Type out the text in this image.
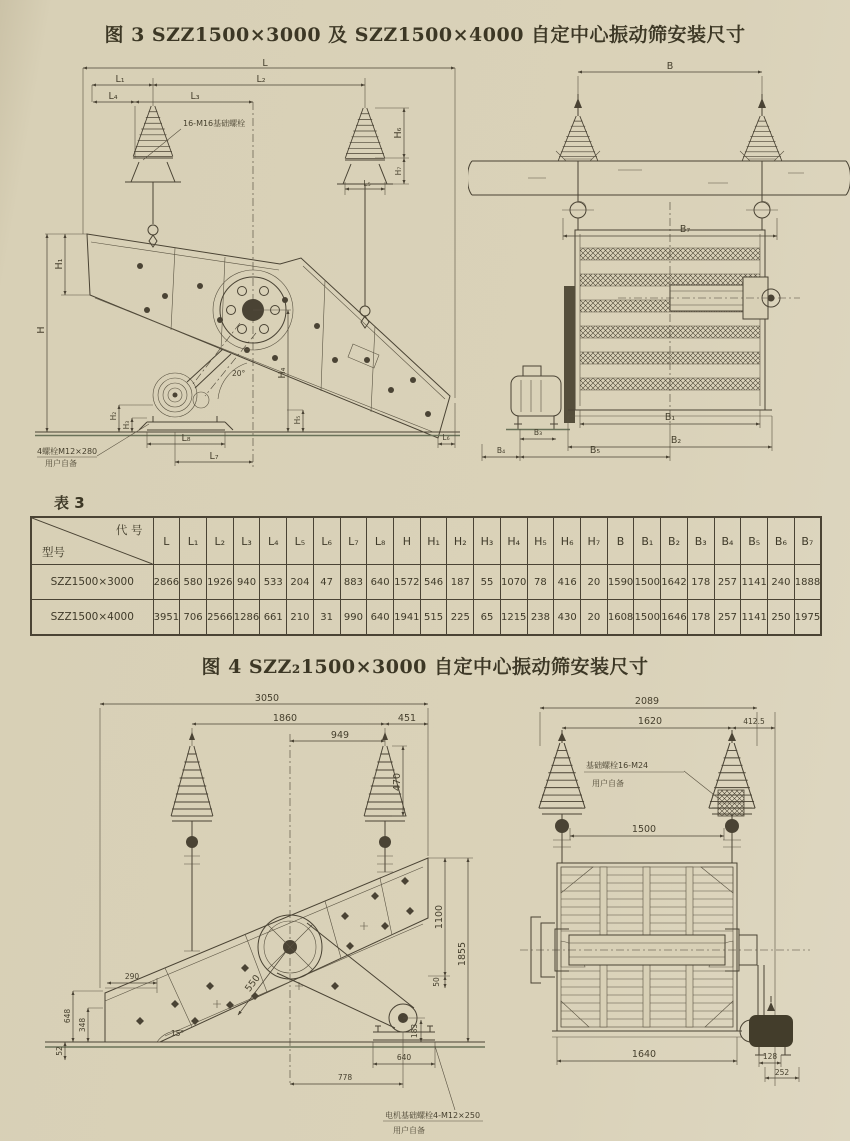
图 3 SZZ1500×3000 及 SZZ1500×4000 自定中心振动筛安装尺寸
L
L₁	L₂
L₄	L₃
H₆
H₇
L₅
16-M16基础螺栓
H₁
H
H₂
H₃
H₄
H₅
20°
L₈
L₇
L₆
4螺栓M12×280
用户自备
B
B₇
B₁
B₂
B₃
B₄	B₅
表 3
代 号
型号	L	L₁	L₂	L₃	L₄	L₅	L₆	L₇	L₈	H	H₁	H₂	H₃	H₄	H₅	H₆	H₇	B	B₁	B₂	B₃	B₄	B₅	B₆	B₇
SZZ1500×3000	2866	580	1926	940	533	204	47	883	640	1572	546	187	55	1070	78	416	20	1590	1500	1642	178	257	1141	240	1888
SZZ1500×4000	3951	706	2566	1286	661	210	31	990	640	1941	515	225	65	1215	238	430	20	1608	1500	1646	178	257	1141	250	1975
图 4 SZZ₂1500×3000 自定中心振动筛安装尺寸
3050
1860	451
949
470
290
648
348
52
15°
550
1100
50
1855
183
640
778
电机基础螺栓4-M12×250
用户自备
2089
1620	412.5
基础螺栓16-M24
用户自备
1500
1640	128
252
